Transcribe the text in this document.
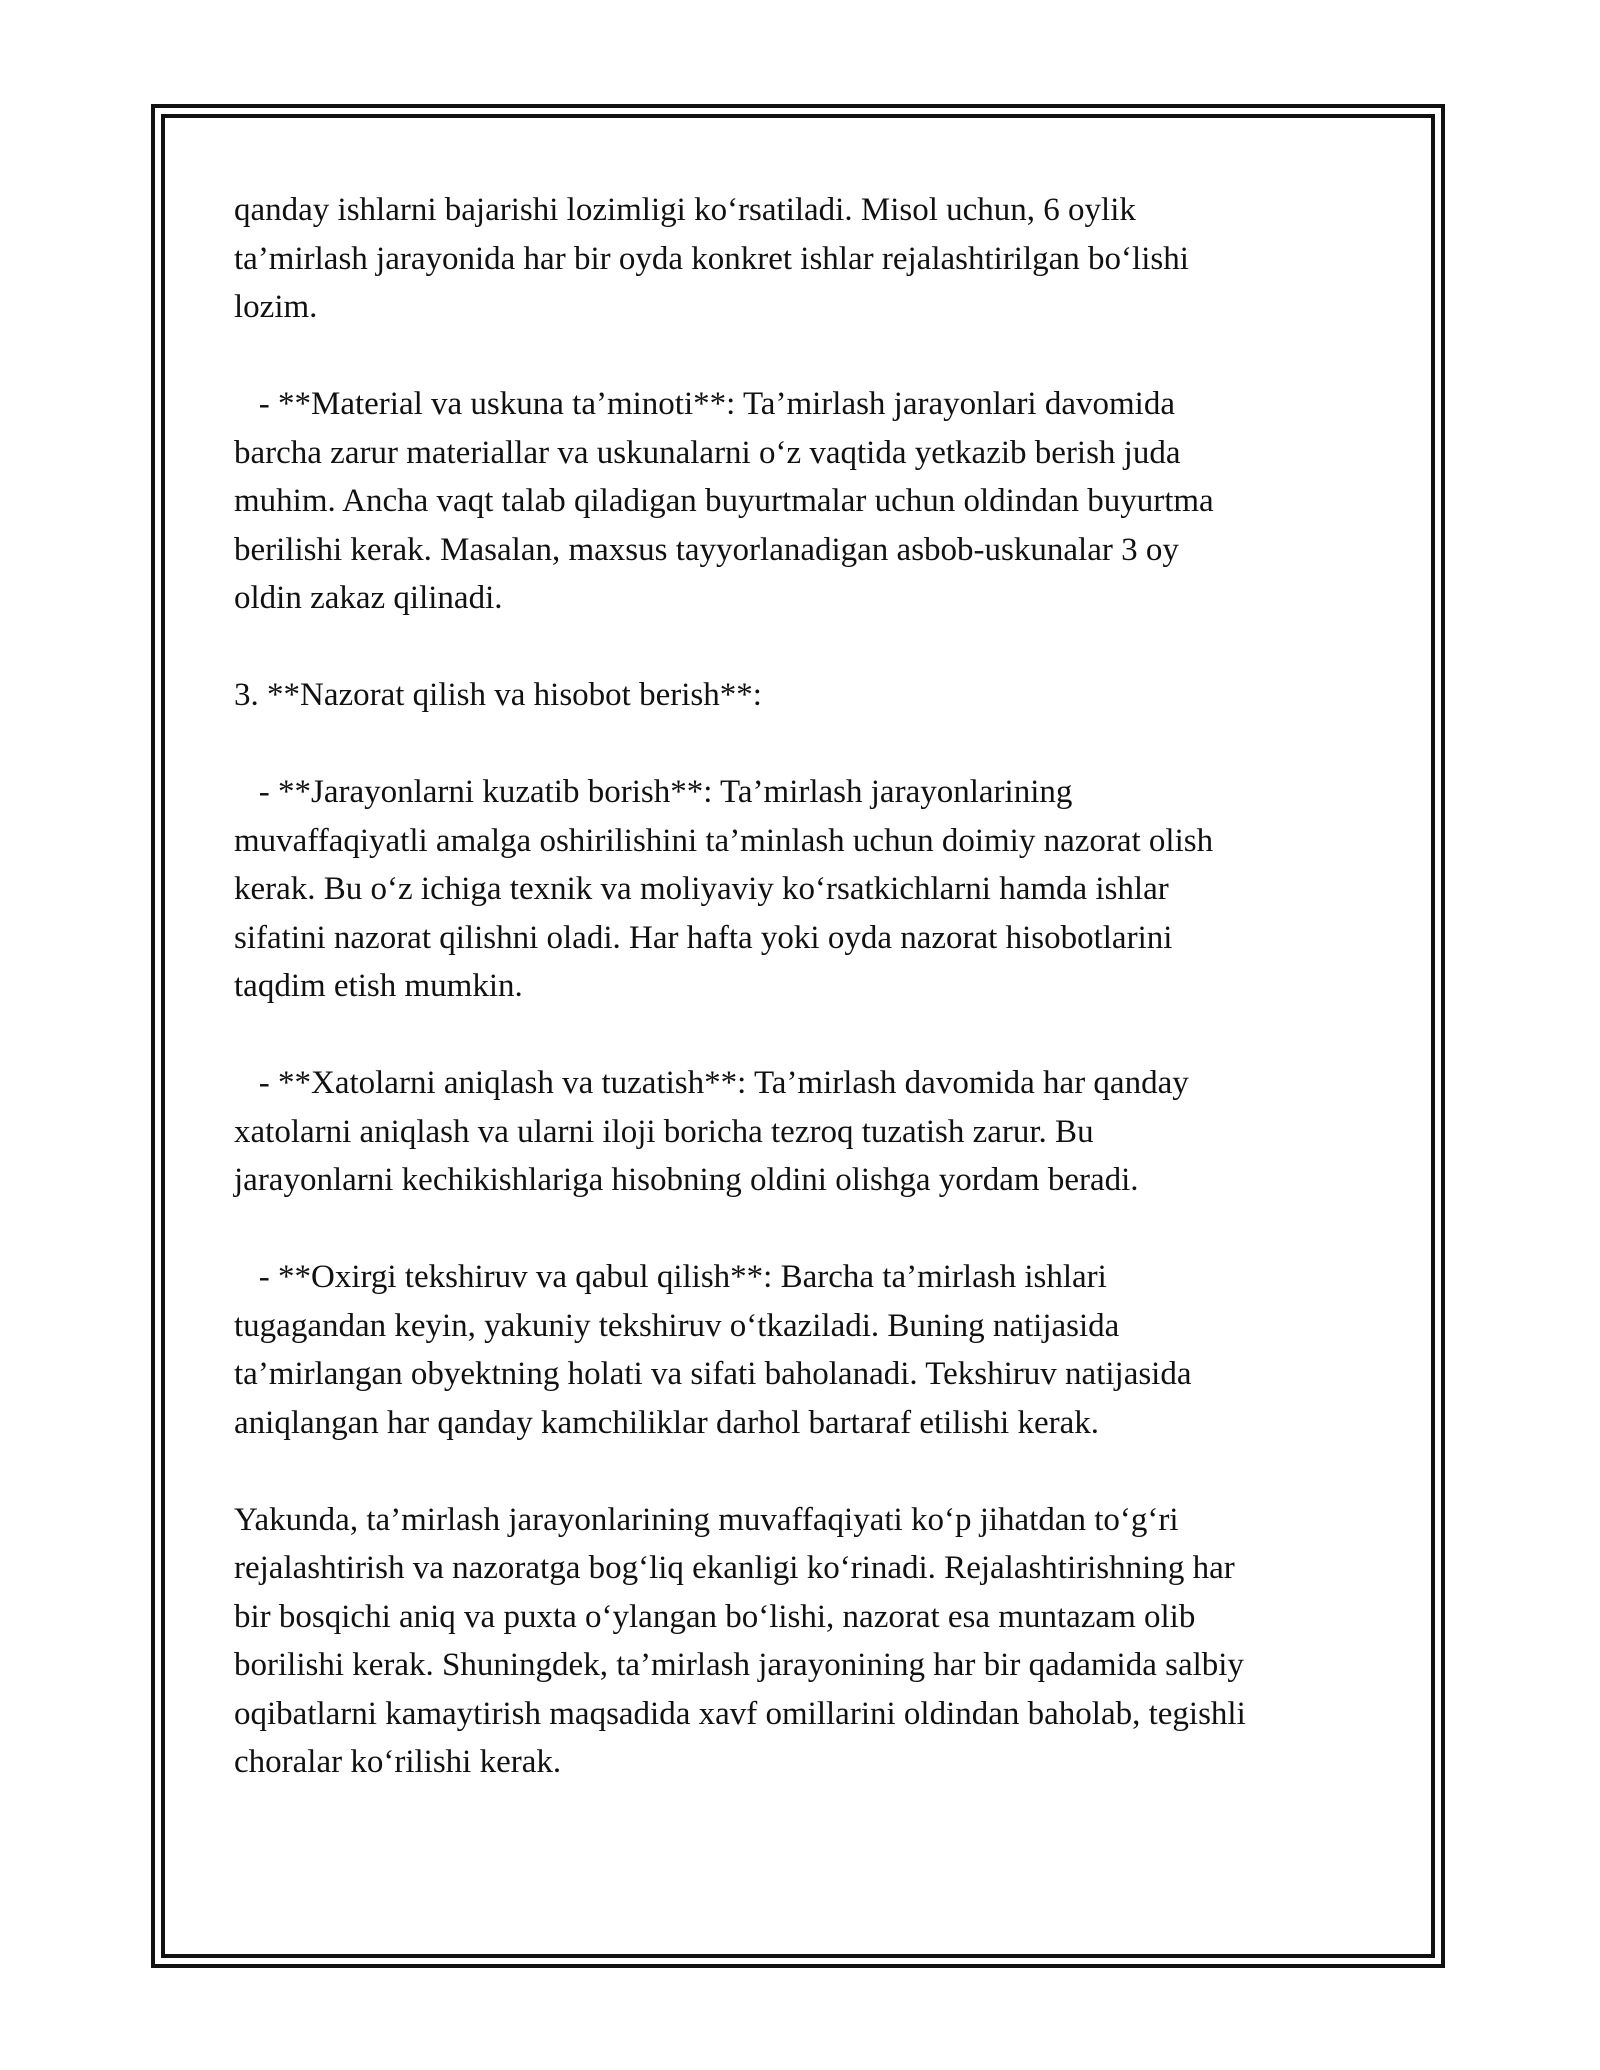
qanday ishlarni bajarishi lozimligi ko‘rsatiladi. Misol uchun, 6 oylik
ta’mirlash jarayonida har bir oyda konkret ishlar rejalashtirilgan bo‘lishi
lozim.

- **Material va uskuna ta’minoti**: Ta’mirlash jarayonlari davomida
barcha zarur materiallar va uskunalarni o‘z vaqtida yetkazib berish juda
muhim. Ancha vaqt talab qiladigan buyurtmalar uchun oldindan buyurtma
berilishi kerak. Masalan, maxsus tayyorlanadigan asbob-uskunalar 3 oy
oldin zakaz qilinadi.

3. **Nazorat qilish va hisobot berish**:

- **Jarayonlarni kuzatib borish**: Ta’mirlash jarayonlarining
muvaffaqiyatli amalga oshirilishini ta’minlash uchun doimiy nazorat olish
kerak. Bu o‘z ichiga texnik va moliyaviy ko‘rsatkichlarni hamda ishlar
sifatini nazorat qilishni oladi. Har hafta yoki oyda nazorat hisobotlarini
taqdim etish mumkin.

- **Xatolarni aniqlash va tuzatish**: Ta’mirlash davomida har qanday
xatolarni aniqlash va ularni iloji boricha tezroq tuzatish zarur. Bu
jarayonlarni kechikishlariga hisobning oldini olishga yordam beradi.

- **Oxirgi tekshiruv va qabul qilish**: Barcha ta’mirlash ishlari
tugagandan keyin, yakuniy tekshiruv o‘tkaziladi. Buning natijasida
ta’mirlangan obyektning holati va sifati baholanadi. Tekshiruv natijasida
aniqlangan har qanday kamchiliklar darhol bartaraf etilishi kerak.

Yakunda, ta’mirlash jarayonlarining muvaffaqiyati ko‘p jihatdan to‘g‘ri
rejalashtirish va nazoratga bog‘liq ekanligi ko‘rinadi. Rejalashtirishning har
bir bosqichi aniq va puxta o‘ylangan bo‘lishi, nazorat esa muntazam olib
borilishi kerak. Shuningdek, ta’mirlash jarayonining har bir qadamida salbiy
oqibatlarni kamaytirish maqsadida xavf omillarini oldindan baholab, tegishli
choralar ko‘rilishi kerak.
